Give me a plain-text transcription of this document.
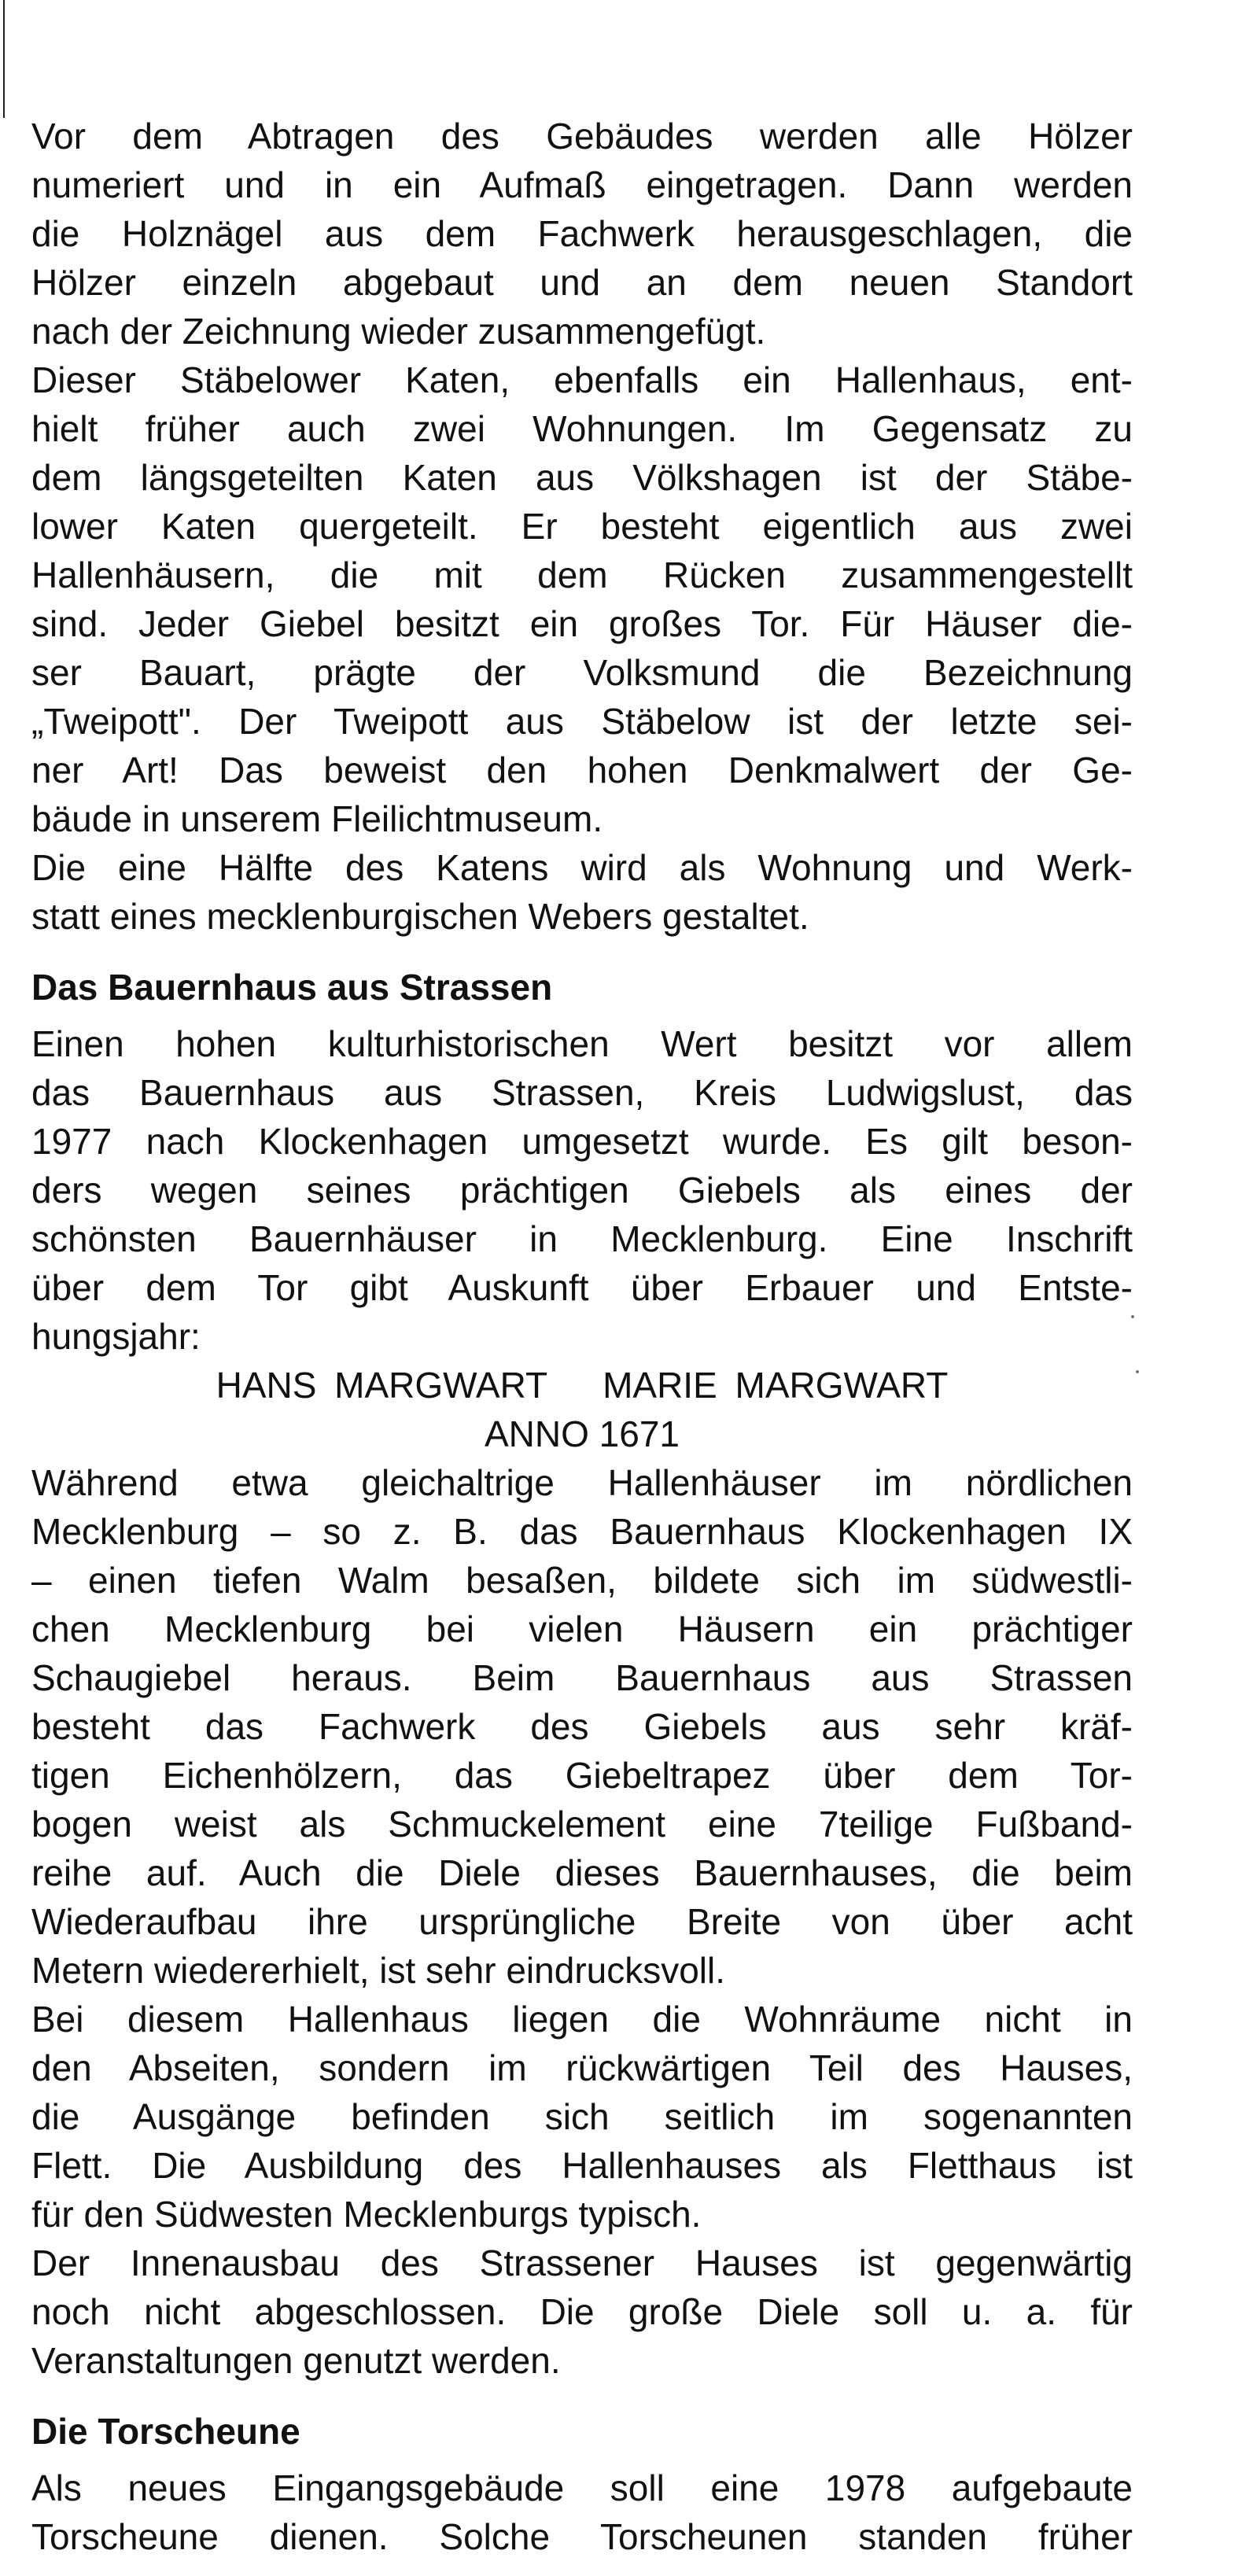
Vor dem Abtragen des Gebäudes werden alle Hölzer
numeriert und in ein Aufmaß eingetragen. Dann werden
die Holznägel aus dem Fachwerk herausgeschlagen, die
Hölzer einzeln abgebaut und an dem neuen Standort
nach der Zeichnung wieder zusammengefügt.

Dieser Stäbelower Katen, ebenfalls ein Hallenhaus, ent-
hielt früher auch zwei Wohnungen. Im Gegensatz zu
dem längsgeteilten Katen aus Völkshagen ist der Stäbe-
lower Katen quergeteilt. Er besteht eigentlich aus zwei
Hallenhäusern, die mit dem Rücken zusammengestellt
sind. Jeder Giebel besitzt ein großes Tor. Für Häuser die-
ser Bauart, prägte der Volksmund die Bezeichnung
„Tweipott". Der Tweipott aus Stäbelow ist der letzte sei-
ner Art! Das beweist den hohen Denkmalwert der Ge-
bäude in unserem Fleilichtmuseum.

Die eine Hälfte des Katens wird als Wohnung und Werk-
statt eines mecklenburgischen Webers gestaltet.

Das Bauernhaus aus Strassen

Einen hohen kulturhistorischen Wert besitzt vor allem
das Bauernhaus aus Strassen, Kreis Ludwigslust, das
1977 nach Klockenhagen umgesetzt wurde. Es gilt beson-
ders wegen seines prächtigen Giebels als eines der
schönsten Bauernhäuser in Mecklenburg. Eine Inschrift
über dem Tor gibt Auskunft über Erbauer und Entste-
hungsjahr:

HANS MARGWART MARIE MARGWART
ANNO 1671

Während etwa gleichaltrige Hallenhäuser im nördlichen
Mecklenburg – so z. B. das Bauernhaus Klockenhagen IX
– einen tiefen Walm besaßen, bildete sich im südwestli-
chen Mecklenburg bei vielen Häusern ein prächtiger
Schaugiebel heraus. Beim Bauernhaus aus Strassen
besteht das Fachwerk des Giebels aus sehr kräf-
tigen Eichenhölzern, das Giebeltrapez über dem Tor-
bogen weist als Schmuckelement eine 7teilige Fußband-
reihe auf. Auch die Diele dieses Bauernhauses, die beim
Wiederaufbau ihre ursprüngliche Breite von über acht
Metern wiedererhielt, ist sehr eindrucksvoll.

Bei diesem Hallenhaus liegen die Wohnräume nicht in
den Abseiten, sondern im rückwärtigen Teil des Hauses,
die Ausgänge befinden sich seitlich im sogenannten
Flett. Die Ausbildung des Hallenhauses als Fletthaus ist
für den Südwesten Mecklenburgs typisch.

Der Innenausbau des Strassener Hauses ist gegenwärtig
noch nicht abgeschlossen. Die große Diele soll u. a. für
Veranstaltungen genutzt werden.

Die Torscheune

Als neues Eingangsgebäude soll eine 1978 aufgebaute
Torscheune dienen. Solche Torscheunen standen früher
